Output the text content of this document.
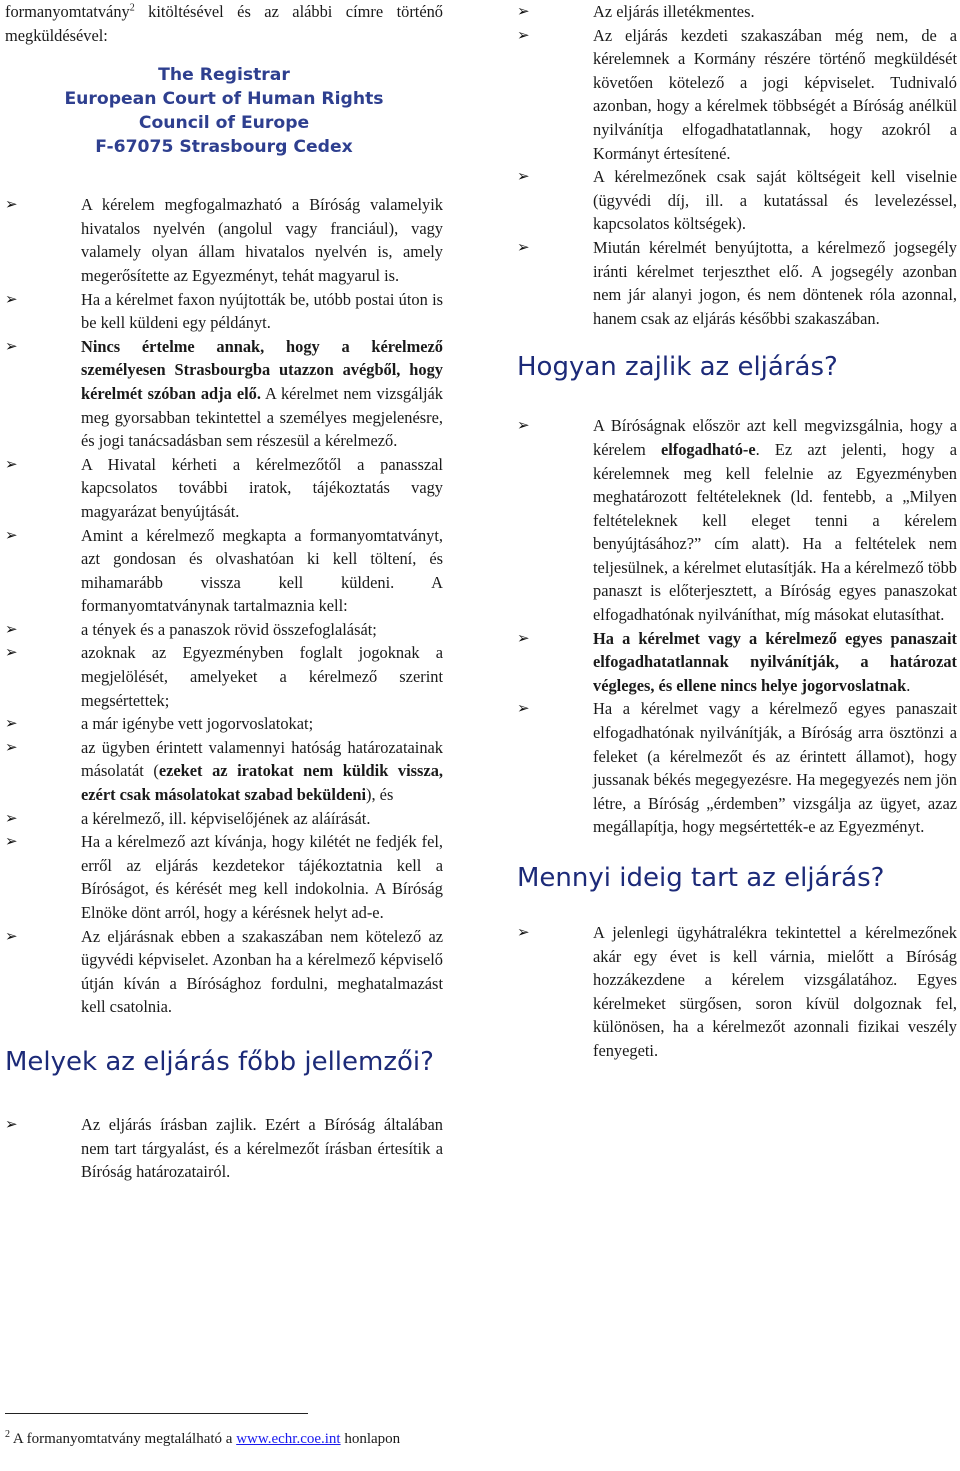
formanyomtatvány$^2$ kitöltésével és az alábbi címre történő megküldésével:

The Registrar
European Court of Human Rights
Council of Europe
F-67075 Strasbourg Cedex
➢	A kérelem megfogalmazható a Bíróság valamelyik hivatalos nyelvén (angolul vagy franciául), vagy valamely olyan állam hivatalos nyelvén is, amely megerősítette az Egyezményt, tehát magyarul is.
➢	Ha a kérelmet faxon nyújtották be, utóbb postai úton is be kell küldeni egy példányt.
➢	Nincs értelme annak, hogy a kérelmező személyesen Strasbourgba utazzon avégből, hogy kérelmét szóban adja elő. A kérelmet nem vizsgálják meg gyorsabban tekintettel a személyes megjelenésre, és jogi tanácsadásban sem részesül a kérelmező.
➢	A Hivatal kérheti a kérelmezőtől a panasszal kapcsolatos további iratok, tájékoztatás vagy magyarázat benyújtását.
➢	Amint a kérelmező megkapta a formanyomtatványt, azt gondosan és olvashatóan ki kell töltení, és mihamarább vissza kell küldeni. A formanyomtatványnak tartalmaznia kell:
➢	a tények és a panaszok rövid összefoglalását;
➢	azoknak az Egyezményben foglalt jogoknak a megjelölését, amelyeket a kérelmező szerint megsértettek;
➢	a már igénybe vett jogorvoslatokat;
➢	az ügyben érintett valamennyi hatóság határozatainak másolatát (ezeket az iratokat nem küldik vissza, ezért csak másolatokat szabad beküldeni), és
➢	a kérelmező, ill. képviselőjének az aláírását.
➢	Ha a kérelmező azt kívánja, hogy kilétét ne fedjék fel, erről az eljárás kezdetekor tájékoztatnia kell a Bíróságot, és kérését meg kell indokolnia. A Bíróság Elnöke dönt arról, hogy a kérésnek helyt ad-e.
➢	Az eljárásnak ebben a szakaszában nem kötelező az ügyvédi képviselet. Azonban ha a kérelmező képviselő útján kíván a Bírósághoz fordulni, meghatalmazást kell csatolnia.
Melyek az eljárás főbb jellemzői?
➢	Az eljárás írásban zajlik. Ezért a Bíróság általában nem tart tárgyalást, és a kérelmezőt írásban értesítik a Bíróság határozatairól.
➢	Az eljárás illetékmentes.
➢	Az eljárás kezdeti szakaszában még nem, de a kérelemnek a Kormány részére történő megküldését követően kötelező a jogi képviselet. Tudnivaló azonban, hogy a kérelmek többségét a Bíróság anélkül nyilvánítja elfogadhatatlannak, hogy azokról a Kormányt értesítené.
➢	A kérelmezőnek csak saját költségeit kell viselnie (ügyvédi díj, ill. a kutatással és levelezéssel, kapcsolatos költségek).
➢	Miután kérelmét benyújtotta, a kérelmező jogsegély iránti kérelmet terjeszthet elő. A jogsegély azonban nem jár alanyi jogon, és nem döntenek róla azonnal, hanem csak az eljárás későbbi szakaszában.
Hogyan zajlik az eljárás?
➢	A Bíróságnak először azt kell megvizsgálnia, hogy a kérelem elfogadható-e. Ez azt jelenti, hogy a kérelemnek meg kell felelnie az Egyezményben meghatározott feltételeknek (ld. fentebb, a „Milyen feltételeknek kell eleget tenni a kérelem benyújtásához?” cím alatt). Ha a feltételek nem teljesülnek, a kérelmet elutasítják. Ha a kérelmező több panaszt is előterjesztett, a Bíróság egyes panaszokat elfogadhatónak nyilváníthat, míg másokat elutasíthat.
➢	Ha a kérelmet vagy a kérelmező egyes panaszait elfogadhatatlannak nyilvánítják, a határozat végleges, és ellene nincs helye jogorvoslatnak.
➢	Ha a kérelmet vagy a kérelmező egyes panaszait elfogadhatónak nyilvánítják, a Bíróság arra ösztönzi a feleket (a kérelmezőt és az érintett államot), hogy jussanak békés megegyezésre. Ha megegyezés nem jön létre, a Bíróság „érdemben” vizsgálja az ügyet, azaz megállapítja, hogy megsértették-e az Egyezményt.
Mennyi ideig tart az eljárás?
➢	A jelenlegi ügyhátralékra tekintettel a kérelmezőnek akár egy évet is kell várnia, mielőtt a Bíróság hozzákezdene a kérelem vizsgálatához. Egyes kérelmeket sürgősen, soron kívül dolgoznak fel, különösen, ha a kérelmezőt azonnali fizikai veszély fenyegeti.

$^2$ A formanyomtatvány megtalálható a www.echr.coe.int honlapon
